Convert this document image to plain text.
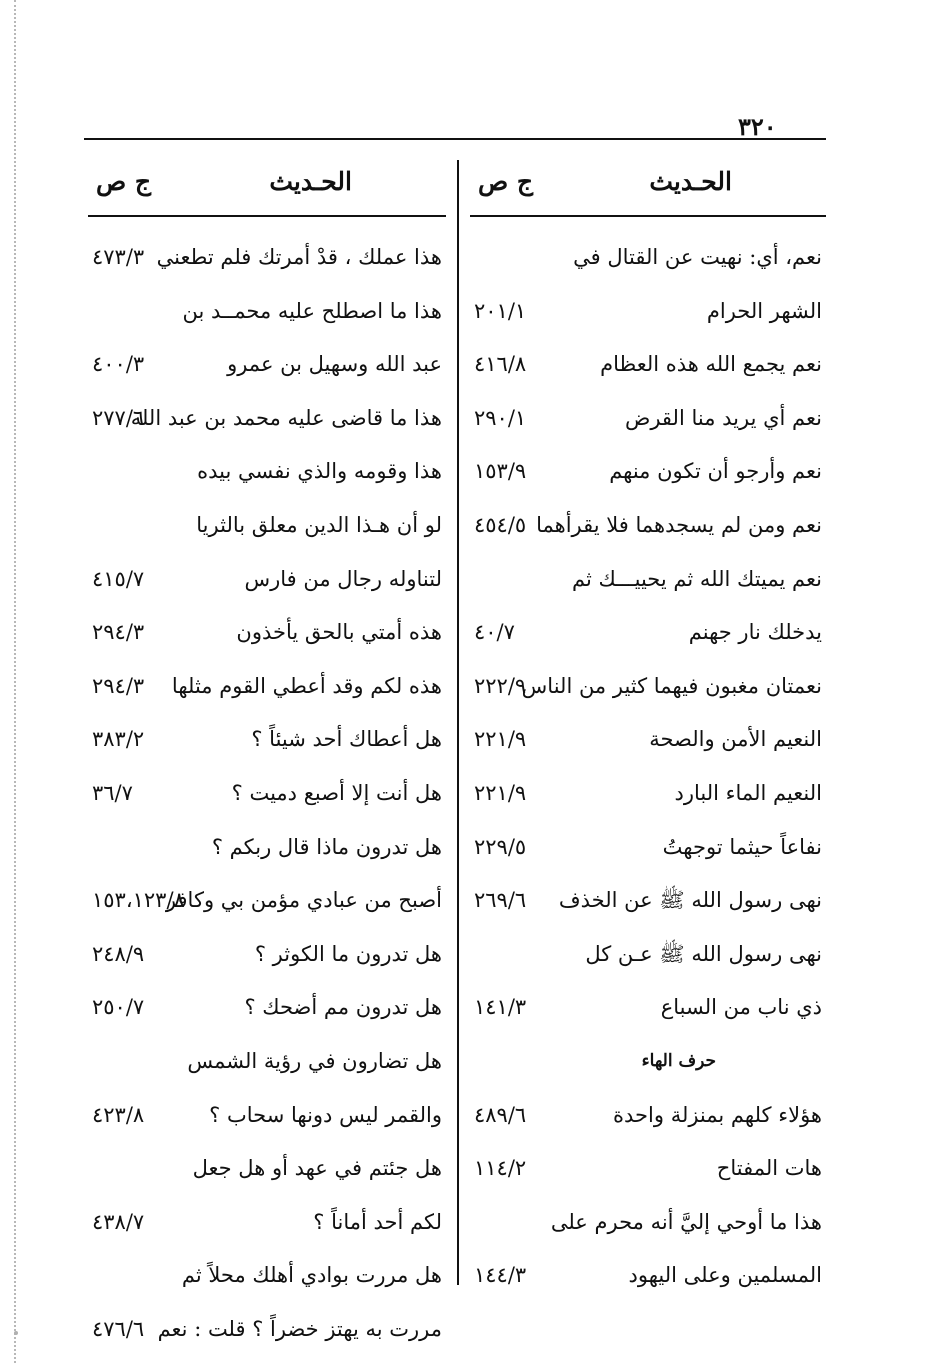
٣٢٠
الحـديث
ج ص
نعم، أي: نهيت عن القتال في
الشهر الحرام
٢٠١/١
نعم يجمع الله هذه العظام
٤١٦/٨
نعم أي يريد منا القرض
٢٩٠/١
نعم وأرجو أن تكون منهم
١٥٣/٩
نعم ومن لم يسجدهما فلا يقرأهما
٤٥٤/٥
نعم يميتك الله ثم يحييـــك ثم
يدخلك نار جهنم
٤٠/٧
نعمتان مغبون فيهما كثير من الناس
٢٢٢/٩
النعيم الأمن والصحة
٢٢١/٩
النعيم الماء البارد
٢٢١/٩
نفاعاً حيثما توجهتُ
٢٢٩/٥
نهى رسول الله ﷺ عن الخذف
٢٦٩/٦
نهى رسول الله ﷺ عـن كل
ذي ناب من السباع
١٤١/٣
حرف الهاء
هؤلاء كلهم بمنزلة واحدة
٤٨٩/٦
هات المفتاح
١١٤/٢
هذا ما أوحي إليَّ أنه محرم على
المسلمين وعلى اليهود
١٤٤/٣
الحـديث
ج ص
هذا عملك ، قدْ أمرتك فلم تطعني
٤٧٣/٣
هذا ما اصطلح عليه محمــد بن
عبد الله وسهيل بن عمرو
٤٠٠/٣
هذا ما قاضى عليه محمد بن عبد الله
٢٧٧/٦
هذا وقومه والذي نفسي بيده
لو أن هـذا الدين معلق بالثريا
لتناوله رجال من فارس
٤١٥/٧
هذه أمتي بالحق يأخذون
٢٩٤/٣
هذه لكم وقد أعطي القوم مثلها
٢٩٤/٣
هل أعطاك أحد شيئاً ؟
٣٨٣/٢
هل أنت إلا أصبع دميت ؟
٣٦/٧
هل تدرون ماذا قال ربكم ؟
أصبح من عبادي مؤمن بي وكافر
١٥٣،١٢٣/٨
هل تدرون ما الكوثر ؟
٢٤٨/٩
هل تدرون مم أضحك ؟
٢٥٠/٧
هل تضارون في رؤية الشمس
والقمر ليس دونها سحاب ؟
٤٢٣/٨
هل جئتم في عهد أو هل جعل
لكم أحد أماناً ؟
٤٣٨/٧
هل مررت بوادي أهلك محلاً ثم
مررت به يهتز خضراً ؟ قلت : نعم
٤٧٦/٦
